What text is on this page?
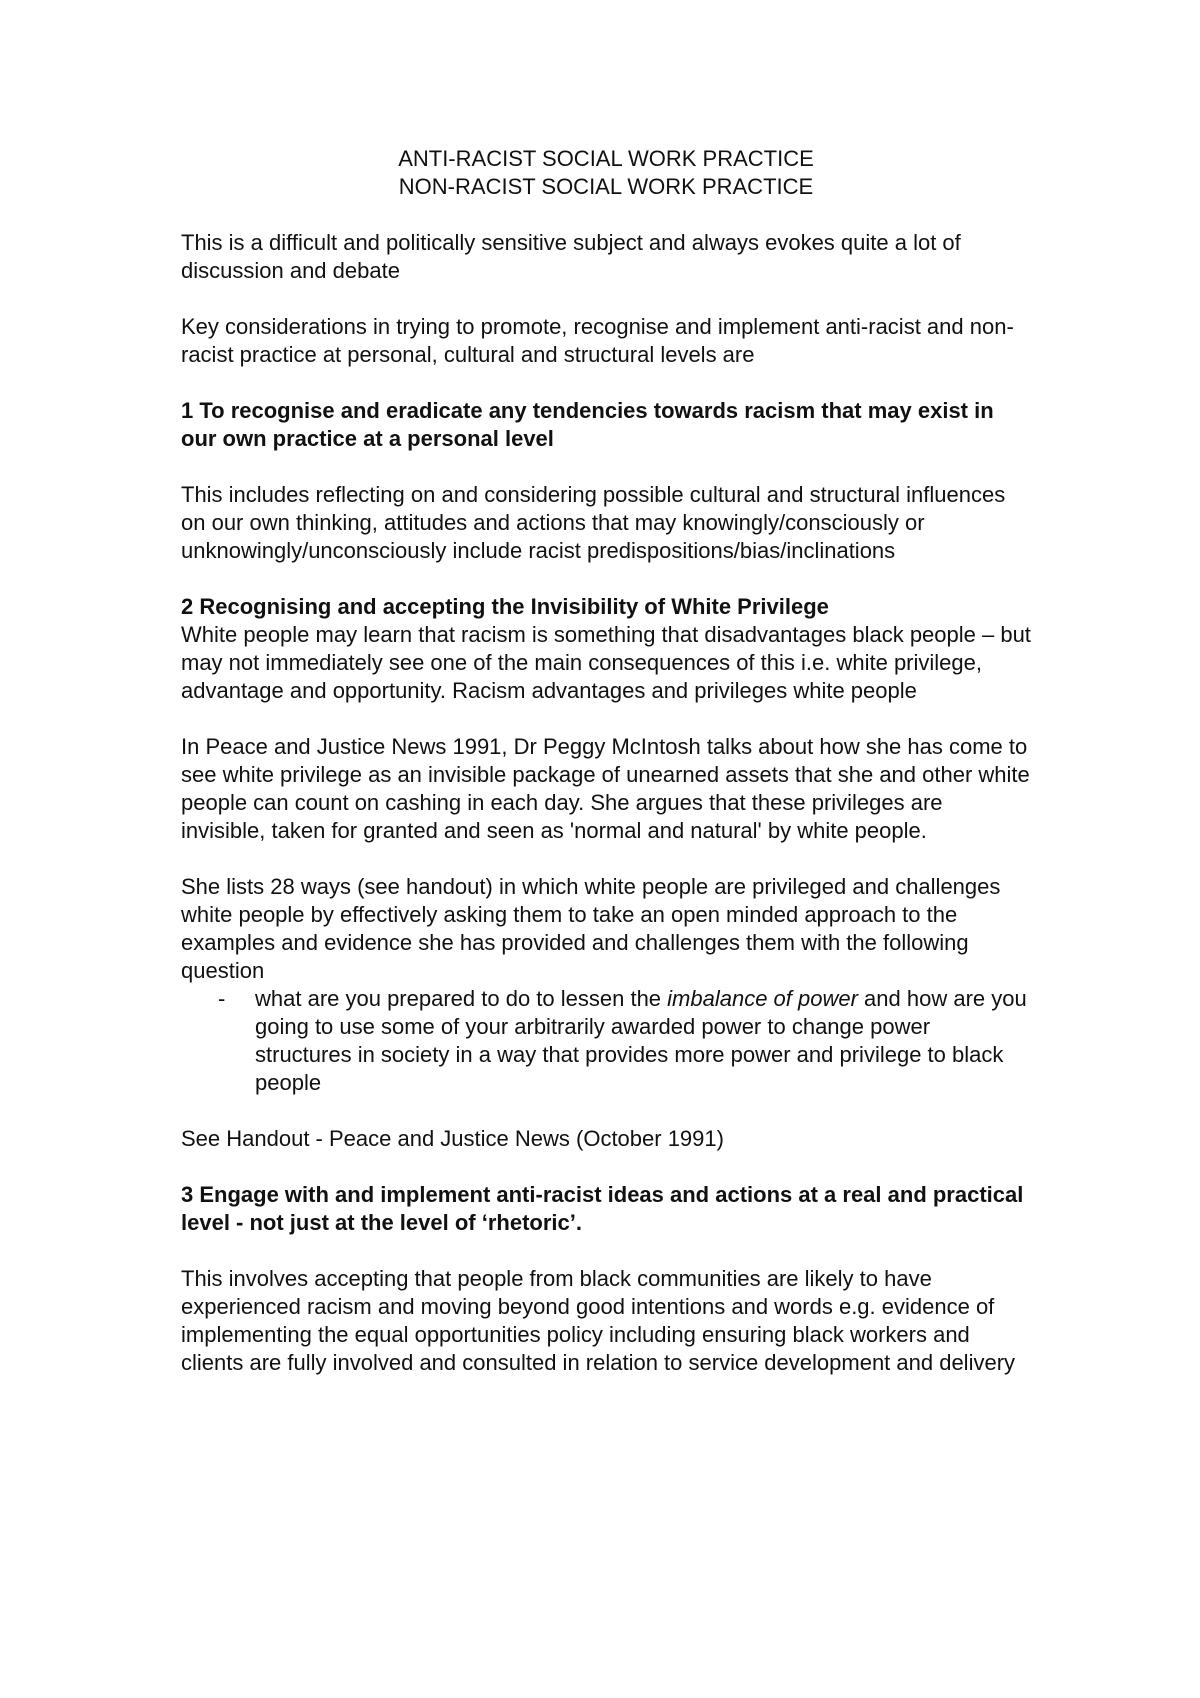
ANTI-RACIST SOCIAL WORK PRACTICE

NON-RACIST SOCIAL WORK PRACTICE

This is a difficult and politically sensitive subject and always evokes quite a lot of discussion and debate

Key considerations in trying to promote, recognise and implement anti-racist and non-racist practice at personal, cultural and structural levels are

1 To recognise and eradicate any tendencies towards racism that may exist in our own practice at a personal level

This includes reflecting on and considering possible cultural and structural influences on our own thinking, attitudes and actions that may knowingly/consciously or unknowingly/unconsciously include racist predispositions/bias/inclinations

2 Recognising and accepting the Invisibility of White Privilege

White people may learn that racism is something that disadvantages black people – but may not immediately see one of the main consequences of this i.e. white privilege, advantage and opportunity. Racism advantages and privileges white people

In Peace and Justice News 1991, Dr Peggy McIntosh talks about how she has come to see white privilege as an invisible package of unearned assets that she and other white people can count on cashing in each day. She argues that these privileges are invisible, taken for granted and seen as 'normal and natural' by white people.

She lists 28 ways (see handout) in which white people are privileged and challenges white people by effectively asking them to take an open minded approach to the examples and evidence she has provided and challenges them with the following question

- what are you prepared to do to lessen the imbalance of power and how are you going to use some of your arbitrarily awarded power to change power structures in society in a way that provides more power and privilege to black people

See Handout - Peace and Justice News (October 1991)

3 Engage with and implement anti-racist ideas and actions at a real and practical level - not just at the level of ‘rhetoric’.

This involves accepting that people from black communities are likely to have experienced racism and moving beyond good intentions and words e.g. evidence of implementing the equal opportunities policy including ensuring black workers and clients are fully involved and consulted in relation to service development and delivery
